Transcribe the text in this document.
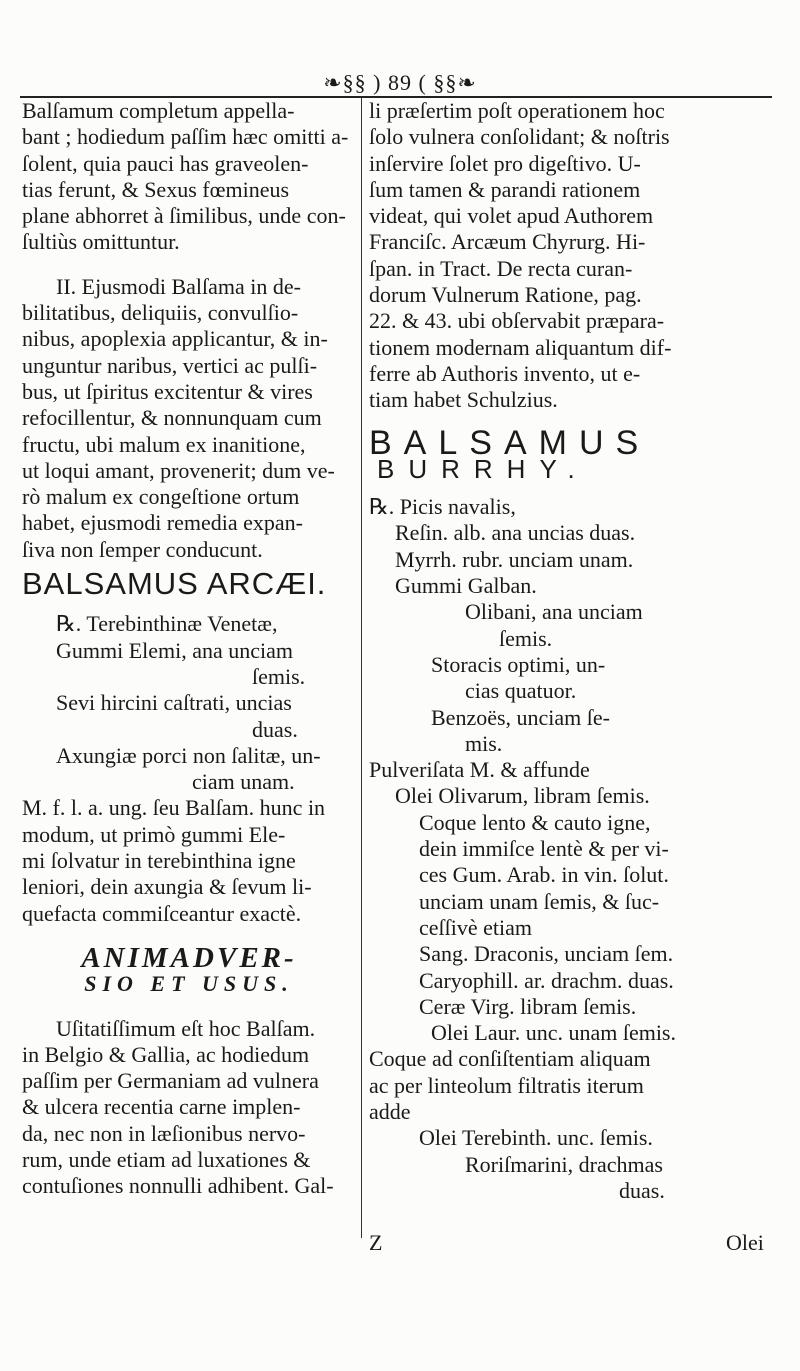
❧§§ ) 89 ( §§❧

Balſamum completum appella-

bant ; hodiedum paſſim hæc omitti a-

ſolent, quia pauci has graveolen-

tias ferunt, & Sexus fœmineus

plane abhorret à ſimilibus, unde con-

ſultiùs omittuntur.

II. Ejusmodi Balſama in de-

bilitatibus, deliquiis, convulſio-

nibus, apoplexia applicantur, & in-

unguntur naribus, vertici ac pulſi-

bus, ut ſpiritus excitentur & vires

refocillentur, & nonnunquam cum

fructu, ubi malum ex inanitione,

ut loqui amant, provenerit; dum ve-

rò malum ex congeſtione ortum

habet, ejusmodi remedia expan-

ſiva non ſemper conducunt.

BALSAMUS ARCÆI.

℞. Terebinthinæ Venetæ,

Gummi Elemi, ana unciam

ſemis.

Sevi hircini caſtrati, uncias

duas.

Axungiæ porci non ſalitæ, un-

ciam unam.

M. f. l. a. ung. ſeu Balſam. hunc in

modum, ut primò gummi Ele-

mi ſolvatur in terebinthina igne

leniori, dein axungia & ſevum li-

quefacta commiſceantur exactè.

ANIMADVER-

SIO ET USUS.

Uſitatiſſimum eſt hoc Balſam.

in Belgio & Gallia, ac hodiedum

paſſim per Germaniam ad vulnera

& ulcera recentia carne implen-

da, nec non in læſionibus nervo-

rum, unde etiam ad luxationes &

contuſiones nonnulli adhibent. Gal-

li præſertim poſt operationem hoc

ſolo vulnera conſolidant; & noſtris

inſervire ſolet pro digeſtivo. U-

ſum tamen & parandi rationem

videat, qui volet apud Authorem

Franciſc. Arcæum Chyrurg. Hi-

ſpan. in Tract. De recta curan-

dorum Vulnerum Ratione, pag.

22. & 43. ubi obſervabit præpara-

tionem modernam aliquantum dif-

ferre ab Authoris invento, ut e-

tiam habet Schulzius.

BALSAMUS

BURRHY.

℞. Picis navalis,

Reſin. alb. ana uncias duas.

Myrrh. rubr. unciam unam.

Gummi Galban.

Olibani, ana unciam

ſemis.

Storacis optimi, un-

cias quatuor.

Benzoës, unciam ſe-

mis.

Pulveriſata M. & affunde

Olei Olivarum, libram ſemis.

Coque lento & cauto igne,

dein immiſce lentè & per vi-

ces Gum. Arab. in vin. ſolut.

unciam unam ſemis, & ſuc-

ceſſivè etiam

Sang. Draconis, unciam ſem.

Caryophill. ar. drachm. duas.

Ceræ Virg. libram ſemis.

Olei Laur. unc. unam ſemis.

Coque ad conſiſtentiam aliquam

ac per linteolum filtratis iterum

adde

Olei Terebinth. unc. ſemis.

Roriſmarini, drachmas

duas.

Z	Olei
